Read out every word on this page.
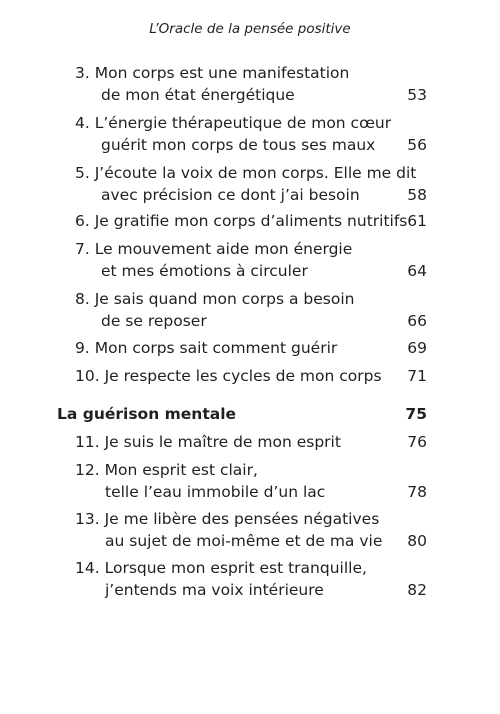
L’Oracle de la pensée positive
3. Mon corps est une manifestation
de mon état énergétique	53
4. L’énergie thérapeutique de mon cœur
guérit mon corps de tous ses maux	56
5. J’écoute la voix de mon corps. Elle me dit
avec précision ce dont j’ai besoin	58
6. Je gratifie mon corps d’aliments nutritifs 61
7. Le mouvement aide mon énergie
et mes émotions à circuler	64
8. Je sais quand mon corps a besoin
de se reposer	66
9. Mon corps sait comment guérir	69
10. Je respecte les cycles de mon corps	71
La guérison mentale	75
11. Je suis le maître de mon esprit	76
12. Mon esprit est clair,
telle l’eau immobile d’un lac	78
13. Je me libère des pensées négatives
au sujet de moi-même et de ma vie	80
14. Lorsque mon esprit est tranquille,
j’entends ma voix intérieure	82
